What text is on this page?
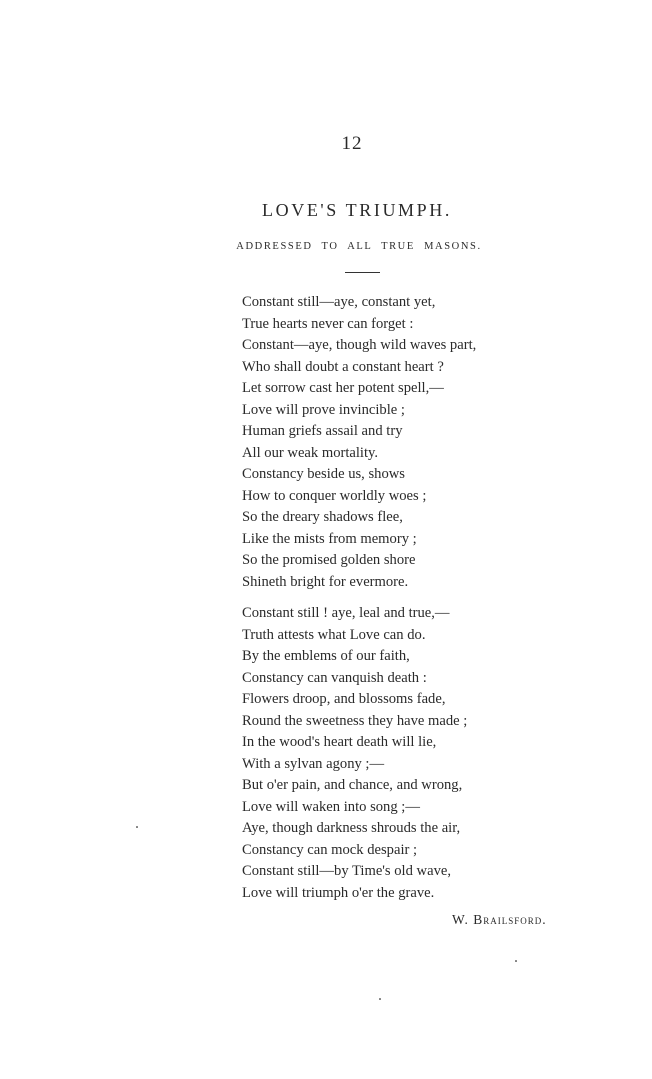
12
LOVE'S TRIUMPH.
ADDRESSED TO ALL TRUE MASONS.
Constant still—aye, constant yet,
True hearts never can forget :
Constant—aye, though wild waves part,
Who shall doubt a constant heart ?
Let sorrow cast her potent spell,—
Love will prove invincible ;
Human griefs assail and try
All our weak mortality.
Constancy beside us, shows
How to conquer worldly woes ;
So the dreary shadows flee,
Like the mists from memory ;
So the promised golden shore
Shineth bright for evermore.
Constant still ! aye, leal and true,—
Truth attests what Love can do.
By the emblems of our faith,
Constancy can vanquish death :
Flowers droop, and blossoms fade,
Round the sweetness they have made ;
In the wood's heart death will lie,
With a sylvan agony ;—
But o'er pain, and chance, and wrong,
Love will waken into song ;—
Aye, though darkness shrouds the air,
Constancy can mock despair ;
Constant still—by Time's old wave,
Love will triumph o'er the grave.
W. Brailsford.
